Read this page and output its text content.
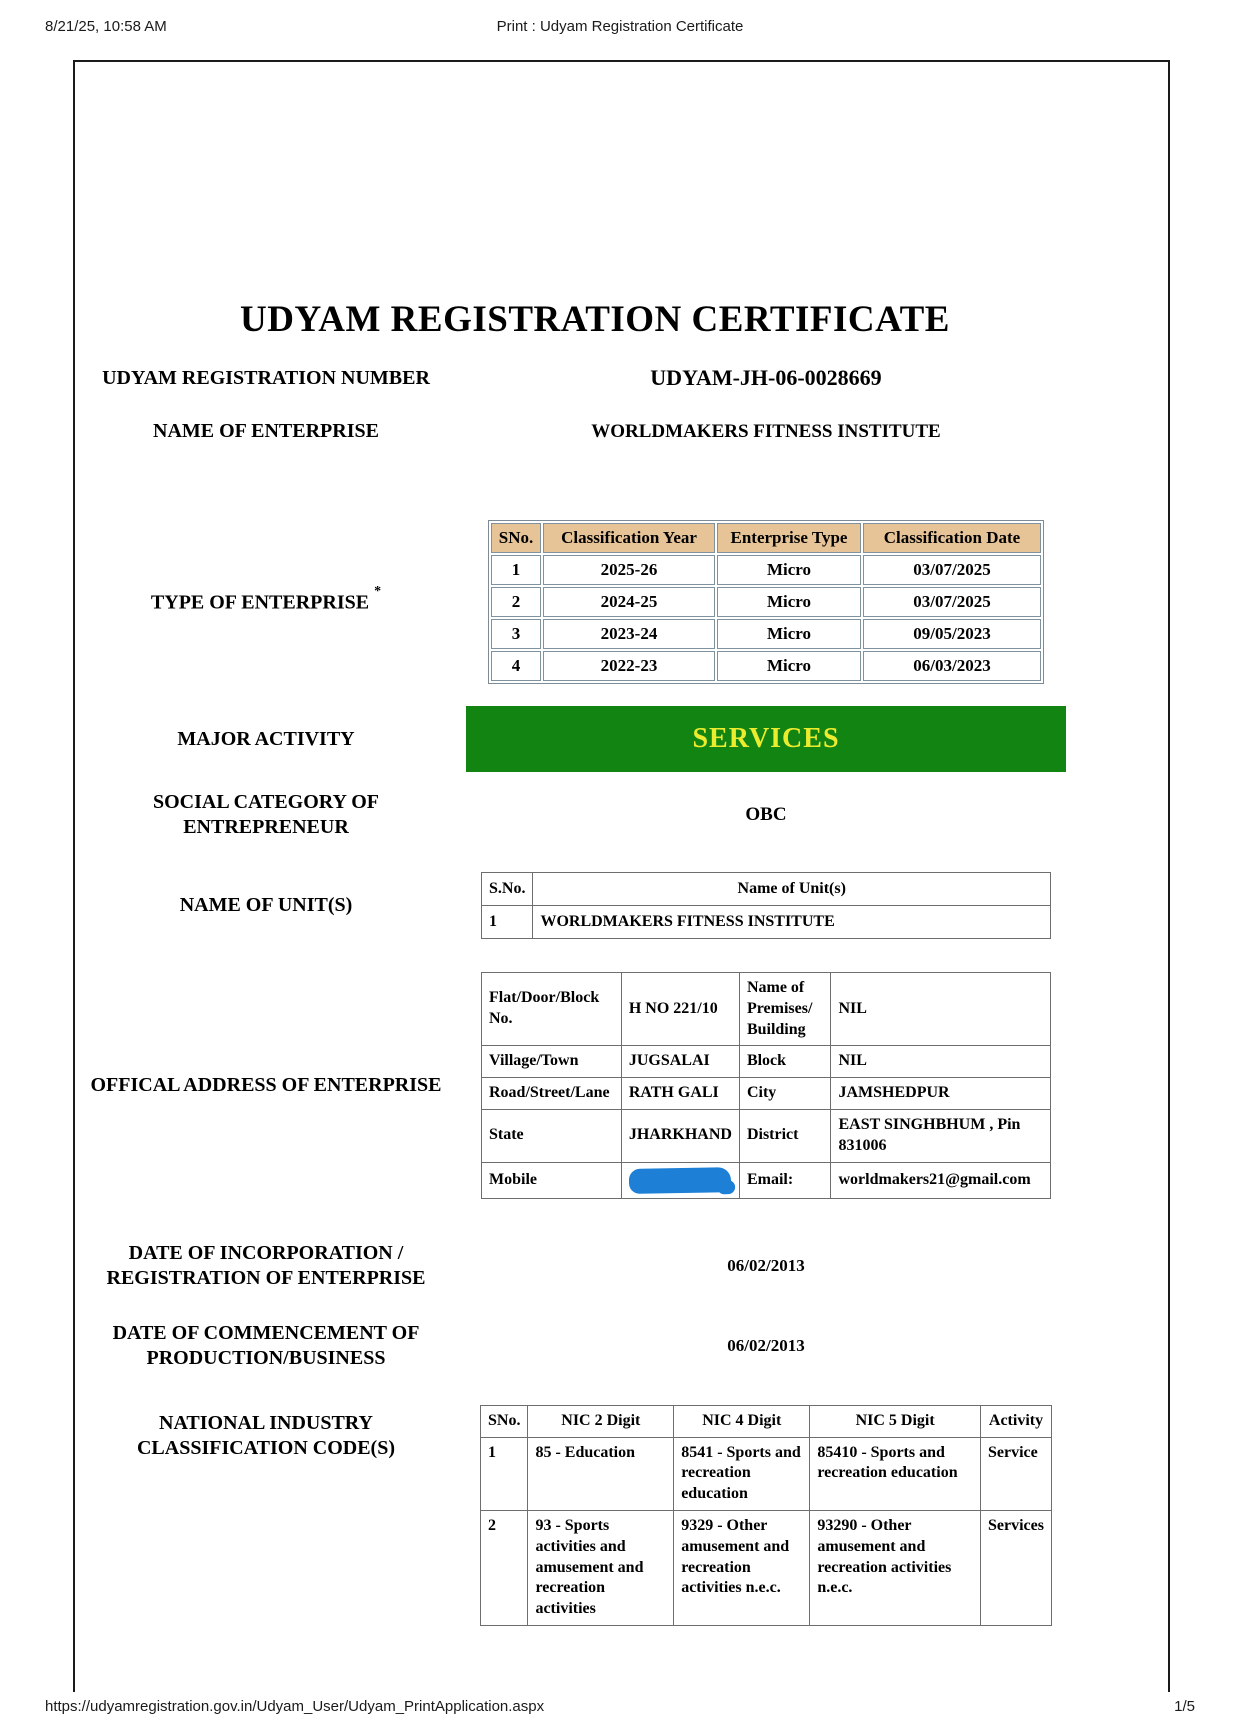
8/21/25, 10:58 AM	Print : Udyam Registration Certificate
UDYAM REGISTRATION CERTIFICATE
UDYAM REGISTRATION NUMBER	UDYAM-JH-06-0028669
NAME OF ENTERPRISE	WORLDMAKERS FITNESS INSTITUTE
TYPE OF ENTERPRISE *
SNo.	Classification Year	Enterprise Type	Classification Date
1	2025-26	Micro	03/07/2025
2	2024-25	Micro	03/07/2025
3	2023-24	Micro	09/05/2023
4	2022-23	Micro	06/03/2023
MAJOR ACTIVITY	SERVICES
SOCIAL CATEGORY OF
ENTREPRENEUR
OBC
NAME OF UNIT(S)
S.No.	Name of Unit(s)
1	WORLDMAKERS FITNESS INSTITUTE
OFFICAL ADDRESS OF ENTERPRISE
Flat/Door/Block No.	H NO 221/10	Name of Premises/ Building	NIL
Village/Town	JUGSALAI	Block	NIL
Road/Street/Lane	RATH GALI	City	JAMSHEDPUR
State	JHARKHAND	District	EAST SINGHBHUM , Pin 831006
Mobile		Email:	worldmakers21@gmail.com
DATE OF INCORPORATION /
REGISTRATION OF ENTERPRISE
06/02/2013
DATE OF COMMENCEMENT OF
PRODUCTION/BUSINESS
06/02/2013
NATIONAL INDUSTRY
CLASSIFICATION CODE(S)
SNo.	NIC 2 Digit	NIC 4 Digit	NIC 5 Digit	Activity
1	85 - Education	8541 - Sports and recreation education	85410 - Sports and recreation education	Service
2	93 - Sports activities and amusement and recreation activities	9329 - Other amusement and recreation activities n.e.c.	93290 - Other amusement and recreation activities n.e.c.	Services
https://udyamregistration.gov.in/Udyam_User/Udyam_PrintApplication.aspx	1/5
